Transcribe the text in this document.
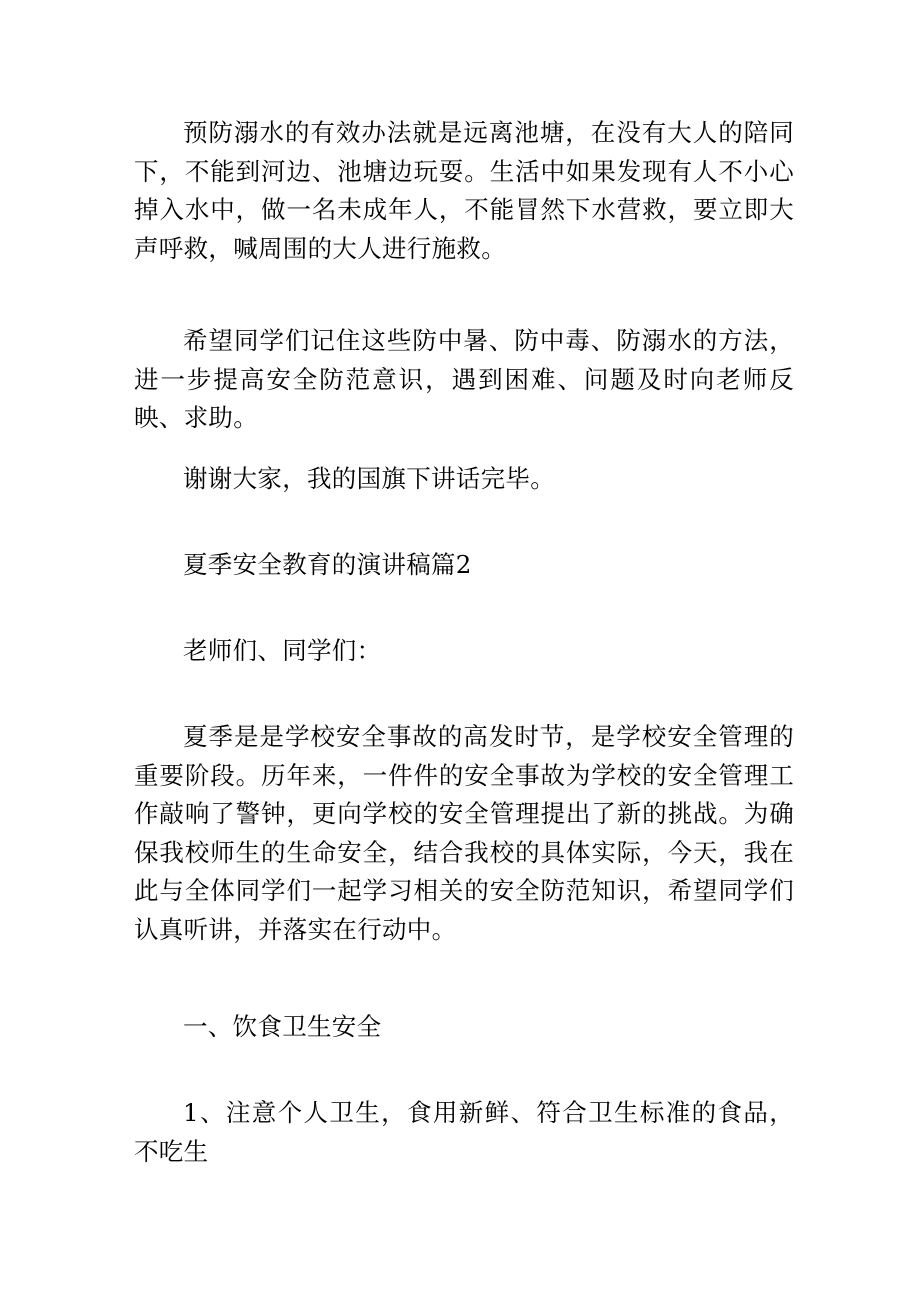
预防溺水的有效办法就是远离池塘，在没有大人的陪同下，不能到河边、池塘边玩耍。生活中如果发现有人不小心掉入水中，做一名未成年人，不能冒然下水营救，要立即大声呼救，喊周围的大人进行施救。

希望同学们记住这些防中暑、防中毒、防溺水的方法，进一步提高安全防范意识，遇到困难、问题及时向老师反映、求助。

谢谢大家，我的国旗下讲话完毕。

夏季安全教育的演讲稿篇2

老师们、同学们：

夏季是是学校安全事故的高发时节，是学校安全管理的重要阶段。历年来，一件件的安全事故为学校的安全管理工作敲响了警钟，更向学校的安全管理提出了新的挑战。为确保我校师生的生命安全，结合我校的具体实际，今天，我在此与全体同学们一起学习相关的安全防范知识，希望同学们认真听讲，并落实在行动中。

一、饮食卫生安全

1、注意个人卫生，食用新鲜、符合卫生标准的食品，不吃生
